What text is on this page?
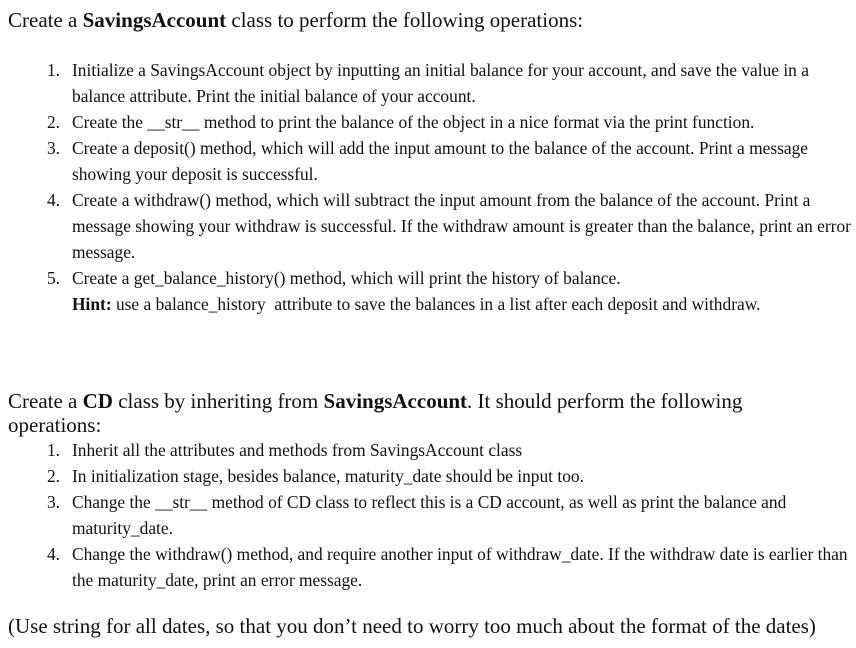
Create a SavingsAccount class to perform the following operations:
1. Initialize a SavingsAccount object by inputting an initial balance for your account, and save the value in a balance attribute. Print the initial balance of your account.
2. Create the __str__ method to print the balance of the object in a nice format via the print function.
3. Create a deposit() method, which will add the input amount to the balance of the account. Print a message showing your deposit is successful.
4. Create a withdraw() method, which will subtract the input amount from the balance of the account. Print a message showing your withdraw is successful. If the withdraw amount is greater than the balance, print an error message.
5. Create a get_balance_history() method, which will print the history of balance.
Hint: use a balance_history  attribute to save the balances in a list after each deposit and withdraw.
Create a CD class by inheriting from SavingsAccount. It should perform the following operations:
1. Inherit all the attributes and methods from SavingsAccount class
2. In initialization stage, besides balance, maturity_date should be input too.
3. Change the __str__ method of CD class to reflect this is a CD account, as well as print the balance and maturity_date.
4. Change the withdraw() method, and require another input of withdraw_date. If the withdraw date is earlier than the maturity_date, print an error message.
(Use string for all dates, so that you don’t need to worry too much about the format of the dates)
